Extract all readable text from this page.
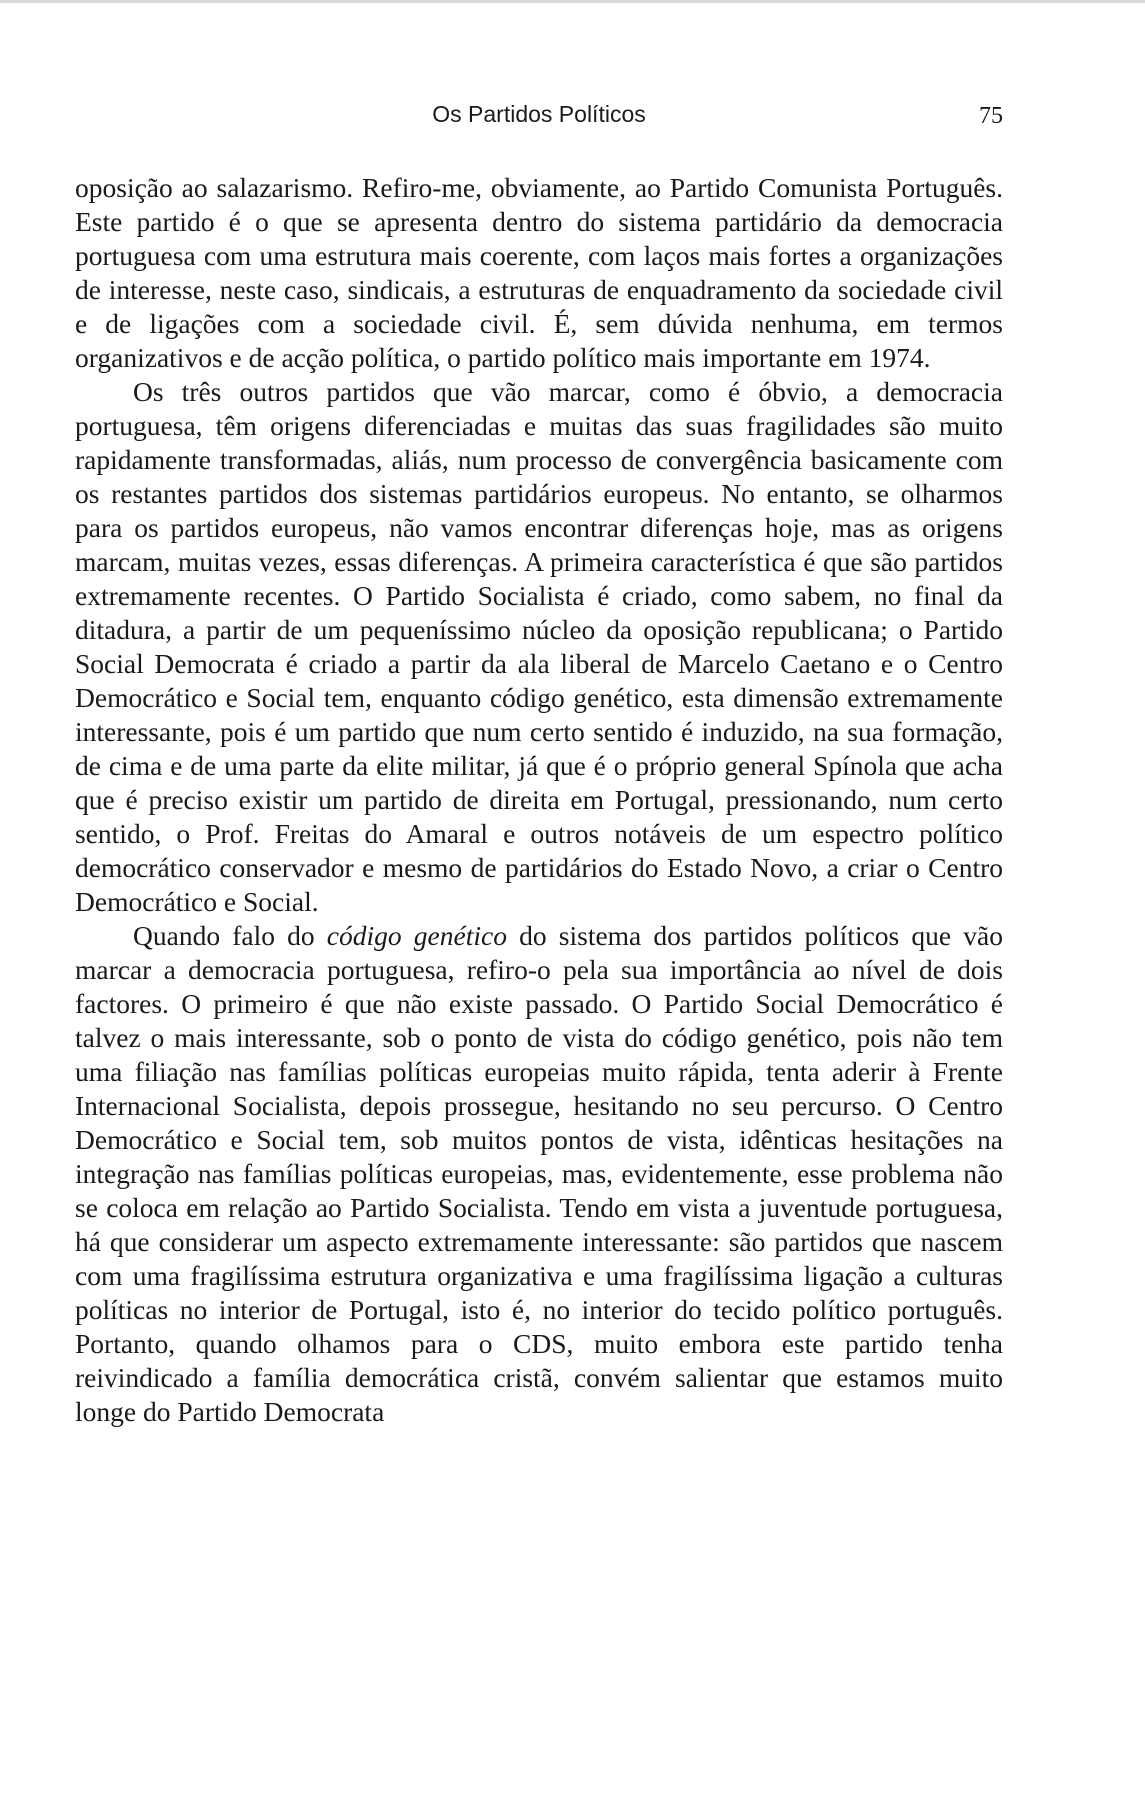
Os Partidos Políticos	75

oposição ao salazarismo. Refiro-me, obviamente, ao Partido Comunista Português. Este partido é o que se apresenta dentro do sistema partidário da democracia portuguesa com uma estrutura mais coerente, com laços mais fortes a organizações de interesse, neste caso, sindicais, a estruturas de enquadramento da sociedade civil e de ligações com a sociedade civil. É, sem dúvida nenhuma, em termos organizativos e de acção política, o partido político mais importante em 1974.

Os três outros partidos que vão marcar, como é óbvio, a democracia portuguesa, têm origens diferenciadas e muitas das suas fragilidades são muito rapidamente transformadas, aliás, num processo de convergência basicamente com os restantes partidos dos sistemas partidários europeus. No entanto, se olharmos para os partidos europeus, não vamos encontrar diferenças hoje, mas as origens marcam, muitas vezes, essas diferenças. A primeira característica é que são partidos extremamente recentes. O Partido Socialista é criado, como sabem, no final da ditadura, a partir de um pequeníssimo núcleo da oposição republicana; o Partido Social Democrata é criado a partir da ala liberal de Marcelo Caetano e o Centro Democrático e Social tem, enquanto código genético, esta dimensão extremamente interessante, pois é um partido que num certo sentido é induzido, na sua formação, de cima e de uma parte da elite militar, já que é o próprio general Spínola que acha que é preciso existir um partido de direita em Portugal, pressionando, num certo sentido, o Prof. Freitas do Amaral e outros notáveis de um espectro político democrático conservador e mesmo de partidários do Estado Novo, a criar o Centro Democrático e Social.

Quando falo do código genético do sistema dos partidos políticos que vão marcar a democracia portuguesa, refiro-o pela sua importância ao nível de dois factores. O primeiro é que não existe passado. O Partido Social Democrático é talvez o mais interessante, sob o ponto de vista do código genético, pois não tem uma filiação nas famílias políticas europeias muito rápida, tenta aderir à Frente Internacional Socialista, depois prossegue, hesitando no seu percurso. O Centro Democrático e Social tem, sob muitos pontos de vista, idênticas hesitações na integração nas famílias políticas europeias, mas, evidentemente, esse problema não se coloca em relação ao Partido Socialista. Tendo em vista a juventude portuguesa, há que considerar um aspecto extremamente interessante: são partidos que nascem com uma fragilíssima estrutura organizativa e uma fragilíssima ligação a culturas políticas no interior de Portugal, isto é, no interior do tecido político português. Portanto, quando olhamos para o CDS, muito embora este partido tenha reivindicado a família democrática cristã, convém salientar que estamos muito longe do Partido Democrata
